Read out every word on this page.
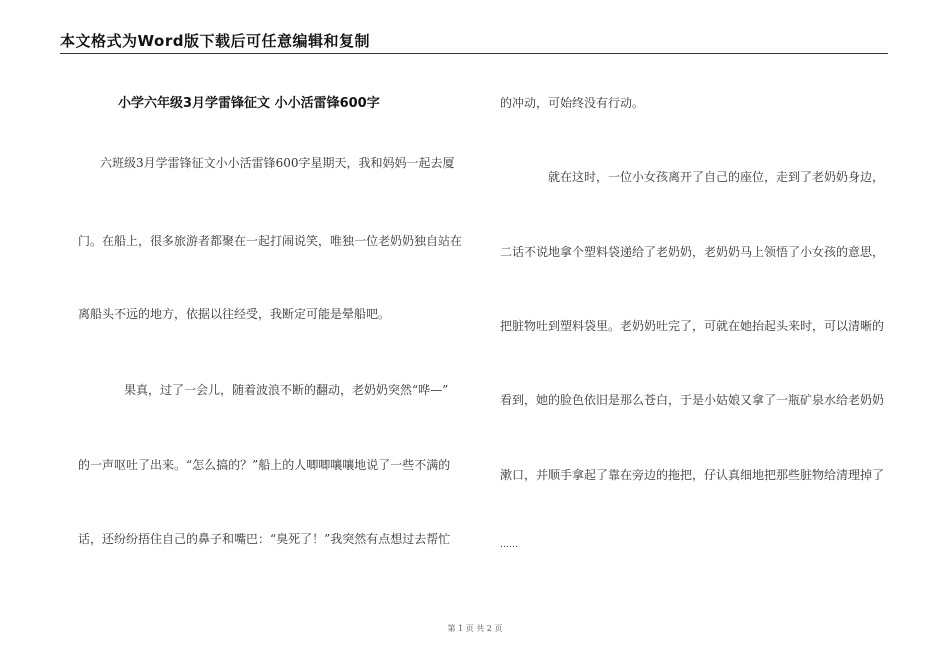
本文格式为Word版下载后可任意编辑和复制
小学六年级3月学雷锋征文 小小活雷锋600字
六班级3月学雷锋征文小小活雷锋600字星期天，我和妈妈一起去厦
门。在船上，很多旅游者都聚在一起打闹说笑，唯独一位老奶奶独自站在
离船头不远的地方，依据以往经受，我断定可能是晕船吧。
果真，过了一会儿，随着波浪不断的翻动，老奶奶突然“哗—”
的一声呕吐了出来。“怎么搞的？”船上的人唧唧嚷嚷地说了一些不满的
话，还纷纷捂住自己的鼻子和嘴巴：“臭死了！”我突然有点想过去帮忙
的冲动，可始终没有行动。
就在这时，一位小女孩离开了自己的座位，走到了老奶奶身边，
二话不说地拿个塑料袋递给了老奶奶，老奶奶马上领悟了小女孩的意思，
把脏物吐到塑料袋里。老奶奶吐完了，可就在她抬起头来时，可以清晰的
看到，她的脸色依旧是那么苍白，于是小姑娘又拿了一瓶矿泉水给老奶奶
漱口，并顺手拿起了靠在旁边的拖把，仔认真细地把那些脏物给清理掉了
……
第 1 页 共 2 页
